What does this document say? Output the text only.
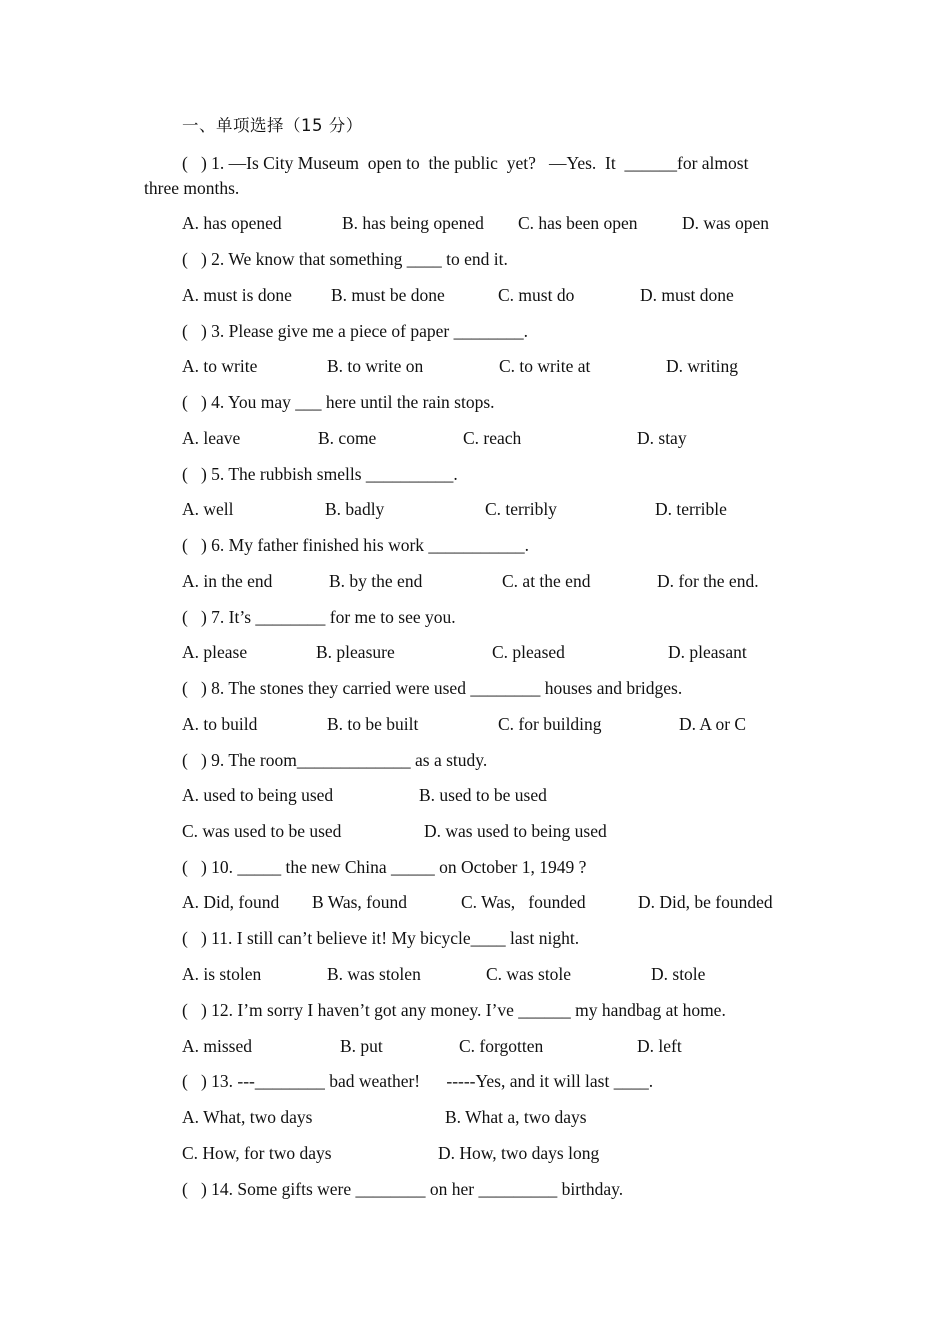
一、单项选择（15 分）
(   ) 1. —Is City Museum  open to  the public  yet?   —Yes.  It  ______for almost
three months.
A. has opened	B. has being opened C. has been open	D. was open
(   ) 2. We know that something ____ to end it.
A. must is done B. must be done	C. must do	D. must done
(   ) 3. Please give me a piece of paper ________.
A. to write	B. to write on	C. to write at	D. writing
(   ) 4. You may ___ here until the rain stops.
A. leave	B. come	C. reach	D. stay
(   ) 5. The rubbish smells __________.
A. well	B. badly	C. terribly	D. terrible
(   ) 6. My father finished his work ___________.
A. in the end	B. by the end	C. at the end	D. for the end.
(   ) 7. It’s ________ for me to see you.
A. please	B. pleasure	C. pleased	D. pleasant
(   ) 8. The stones they carried were used ________ houses and bridges.
A. to build	B. to be built	C. for building	D. A or C
(   ) 9. The room_____________ as a study.
A. used to being used	B. used to be used
C. was used to be used	D. was used to being used
(   ) 10. _____ the new China _____ on October 1, 1949 ?
A. Did, found B Was, found	C. Was,   founded	D. Did, be founded
(   ) 11. I still can’t believe it! My bicycle____ last night.
A. is stolen	B. was stolen	C. was stole	D. stole
(   ) 12. I’m sorry I haven’t got any money. I’ve ______ my handbag at home.
A. missed	B. put	C. forgotten	D. left
(   ) 13. ---________ bad weather!      -----Yes, and it will last ____.
A. What, two days	B. What a, two days
C. How, for two days	D. How, two days long
(   ) 14. Some gifts were ________ on her _________ birthday.
